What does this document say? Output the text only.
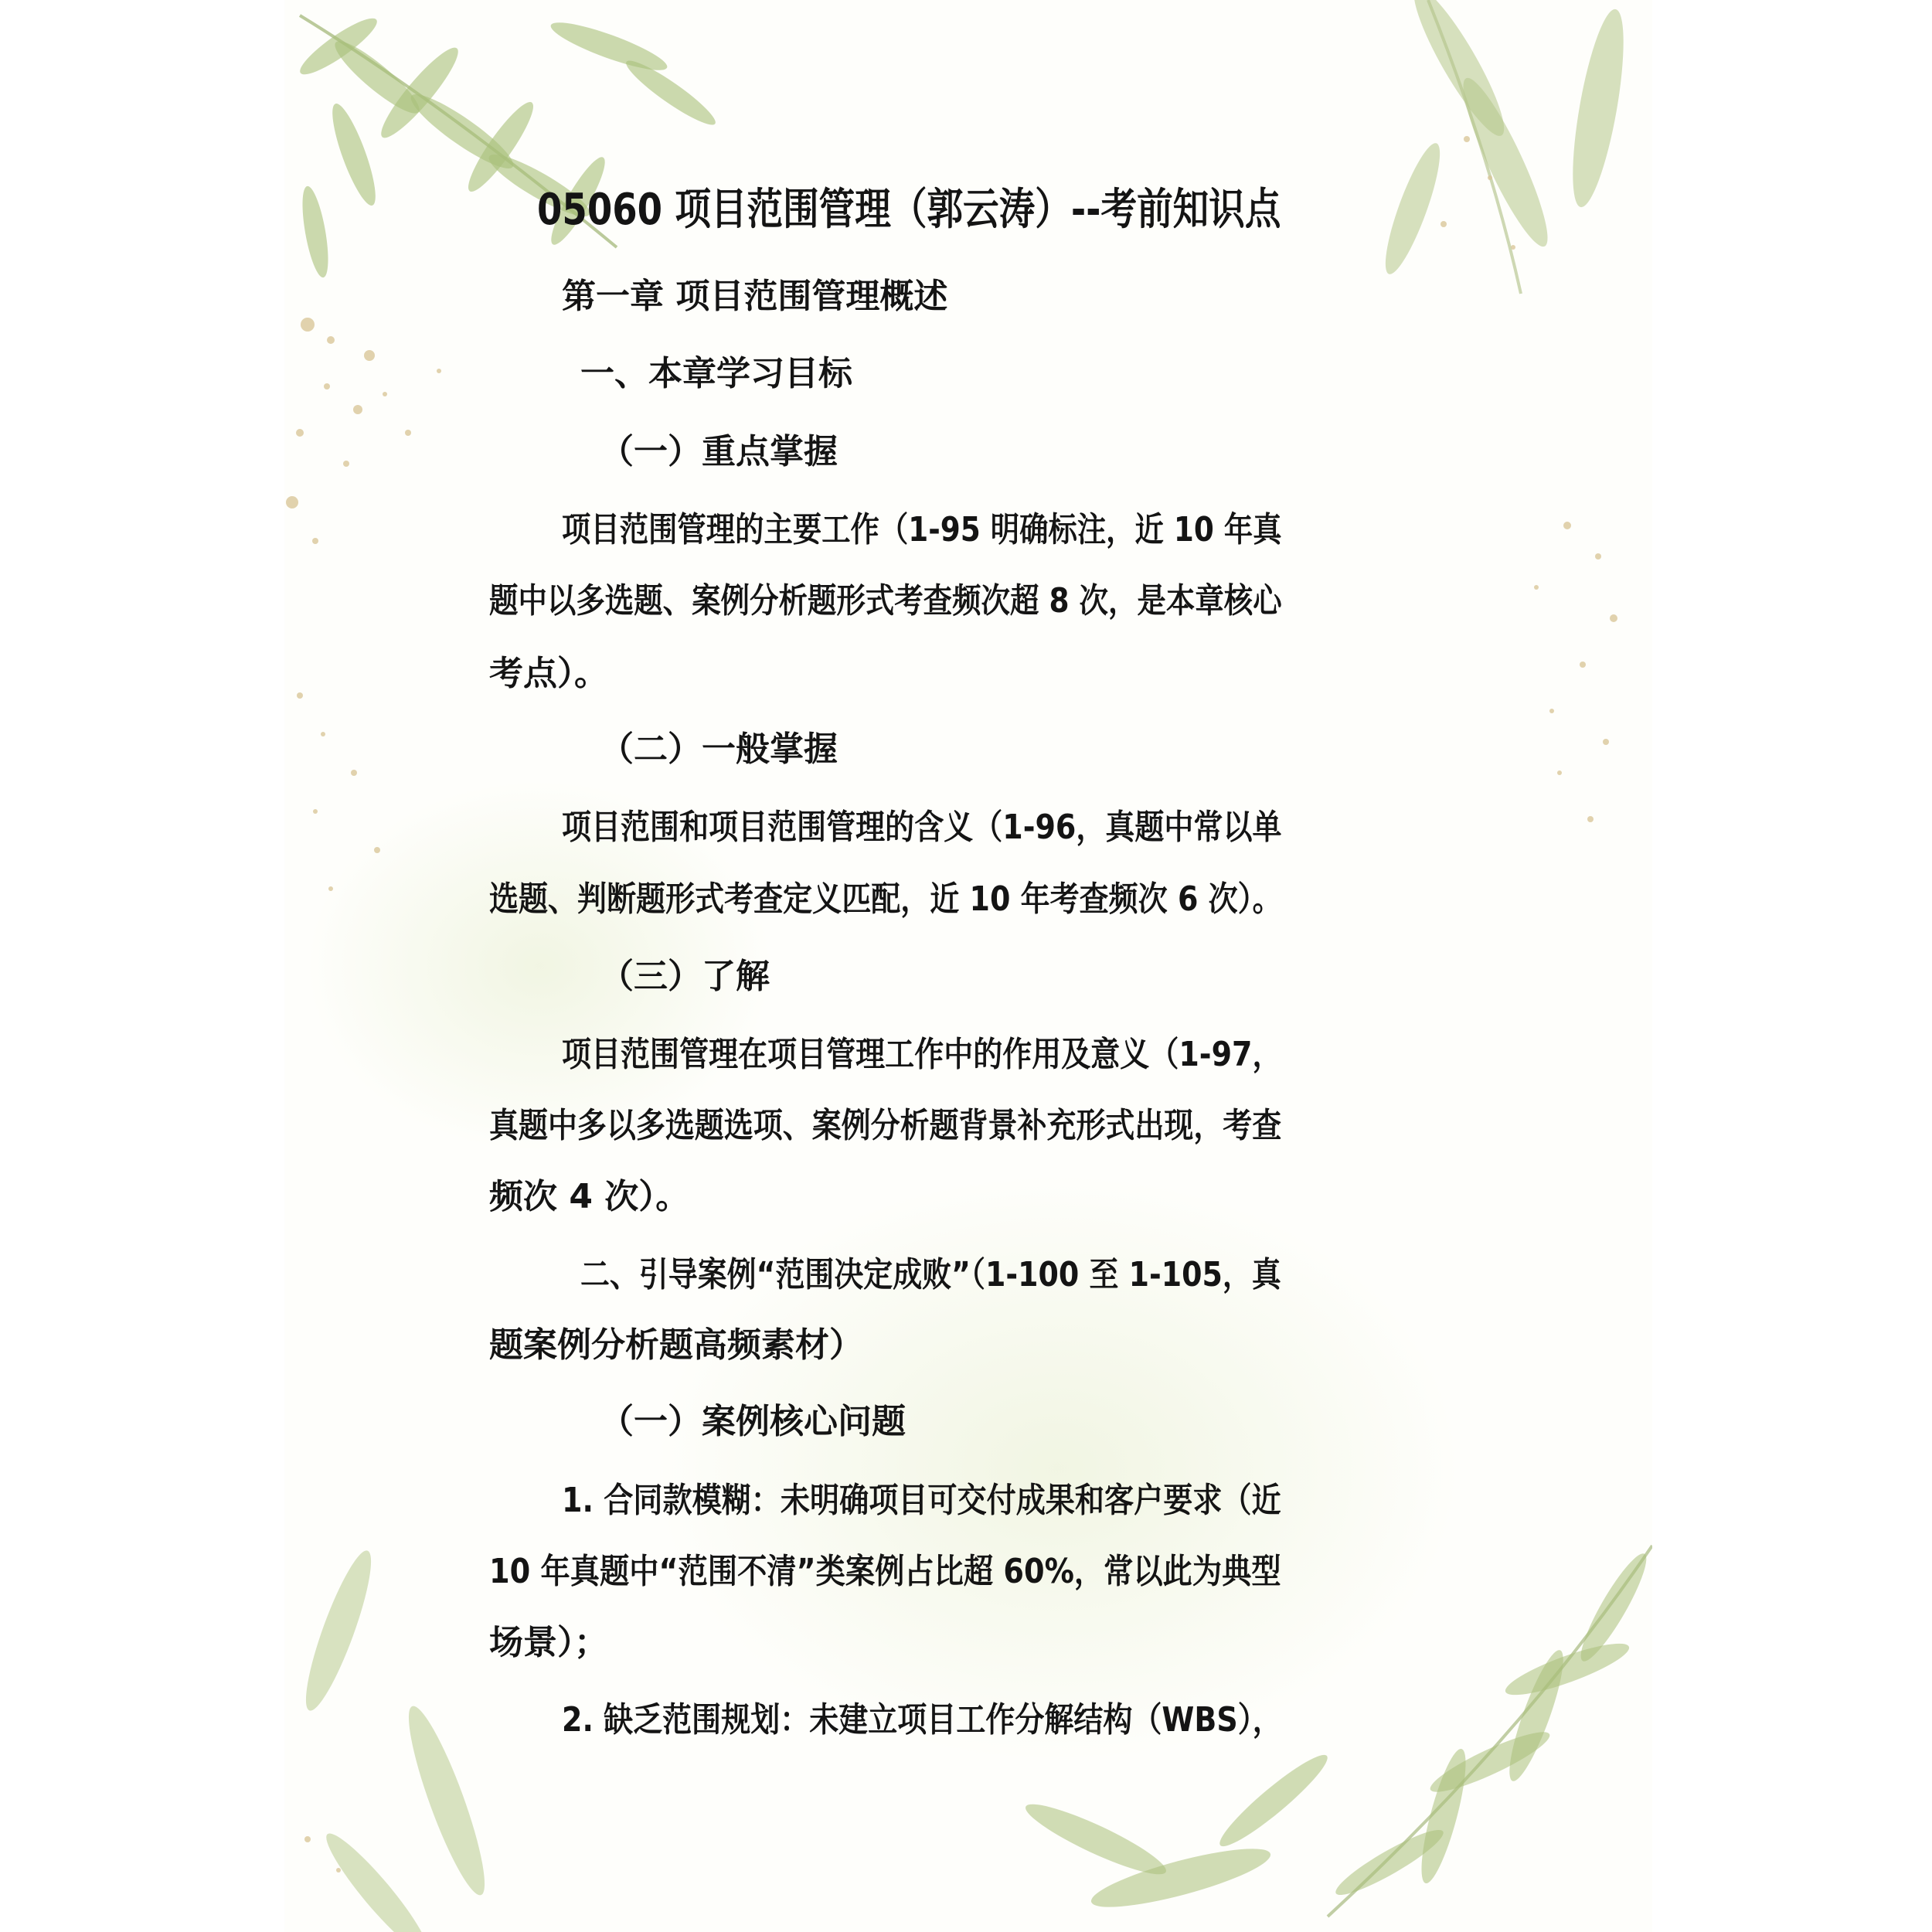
05060 项目范围管理（郭云涛）--考前知识点
第一章 项目范围管理概述
一、本章学习目标
（一）重点掌握
项目范围管理的主要工作（1-95 明确标注，近 10 年真
题中以多选题、案例分析题形式考查频次超 8 次，是本章核心
考点）。
（二）一般掌握
项目范围和项目范围管理的含义（1-96，真题中常以单
选题、判断题形式考查定义匹配，近 10 年考查频次 6 次）。
（三）了解
项目范围管理在项目管理工作中的作用及意义（1-97，
真题中多以多选题选项、案例分析题背景补充形式出现，考查
频次 4 次）。
二、引导案例“范围决定成败”（1-100 至 1-105，真
题案例分析题高频素材）
（一）案例核心问题
1. 合同款模糊：未明确项目可交付成果和客户要求（近
10 年真题中“范围不清”类案例占比超 60%，常以此为典型
场景）；
2. 缺乏范围规划：未建立项目工作分解结构（WBS），
